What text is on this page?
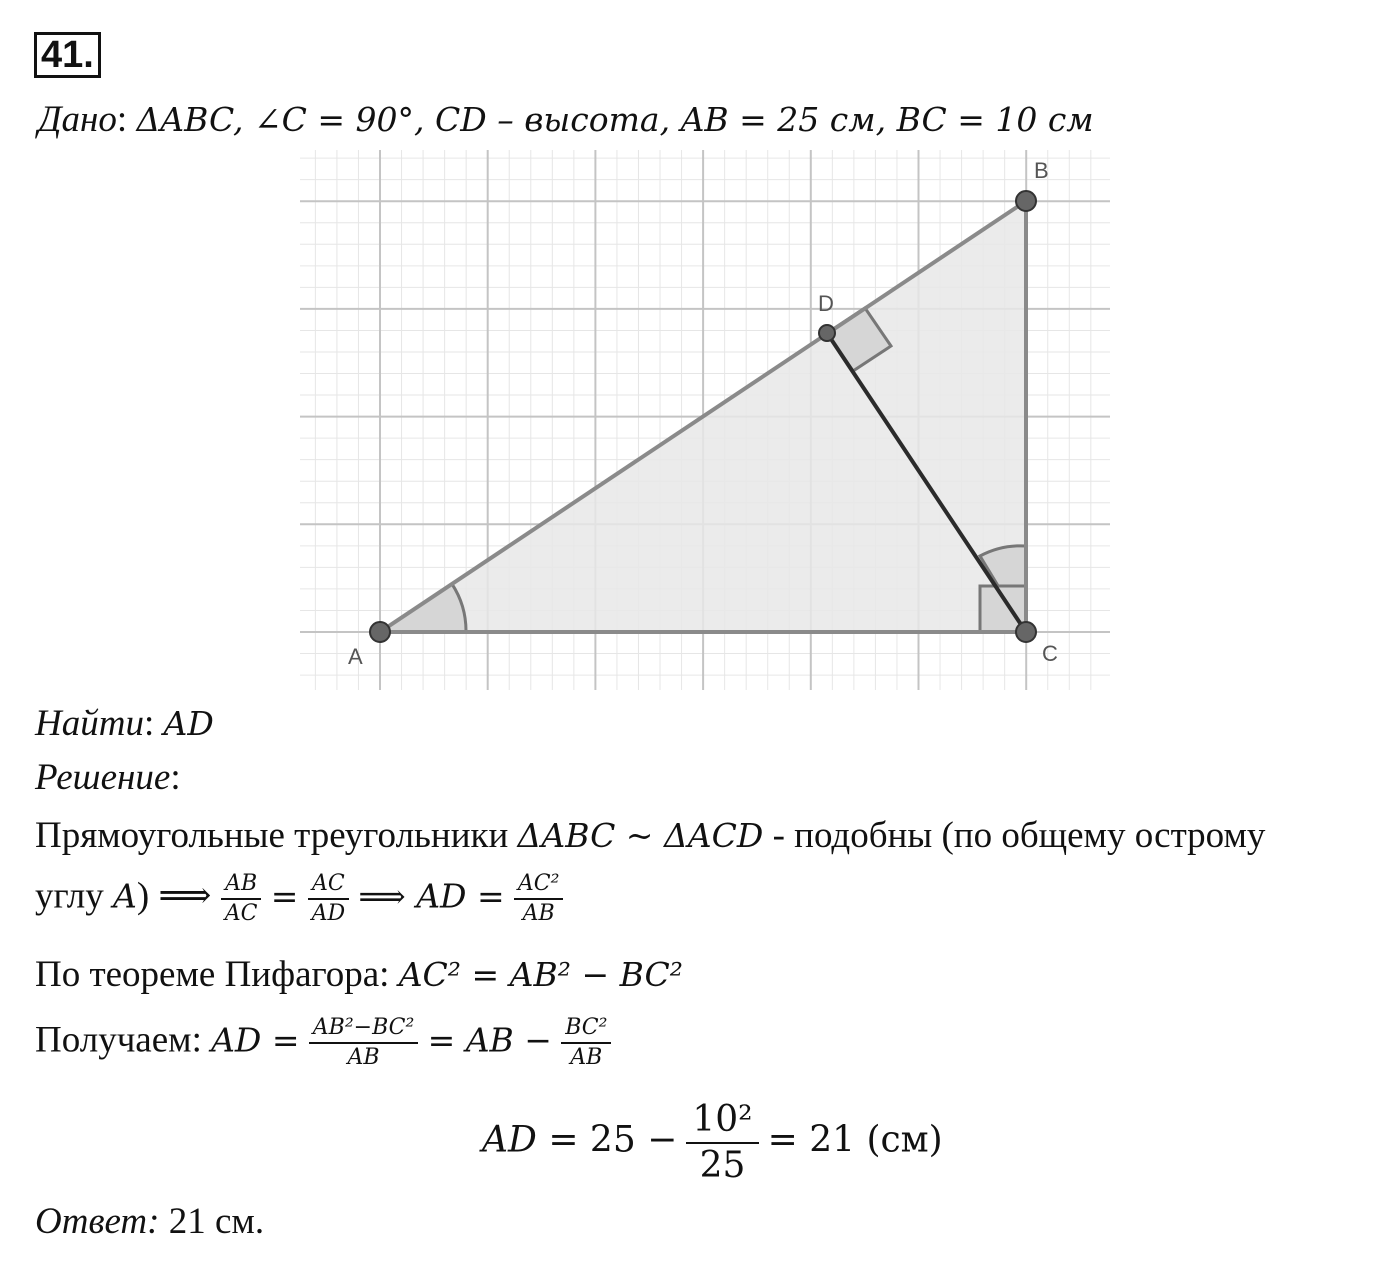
41.
Дано: ΔABC, ∠C = 90°, CD – высота, AB = 25 см, BC = 10 см
A
B
C
D
Найти: AD
Решение:
Прямоугольные треугольники ΔABC ~ ΔACD - подобны (по общему острому
углу A) ⟹ $\frac{AB}{AC} = \frac{AC}{AD}$ ⟹ AD = $\frac{\text{AC²}}{AB}$
По теореме Пифагора: AC² = AB² − BC²
Получаем: AD = $\frac{\text{AB²−BC²}}{AB}$ = AB − $\frac{\text{BC²}}{AB}$
AD = $25 - \frac{\text{10²}}{25} = 21$ (см)
Ответ: 21 см.
